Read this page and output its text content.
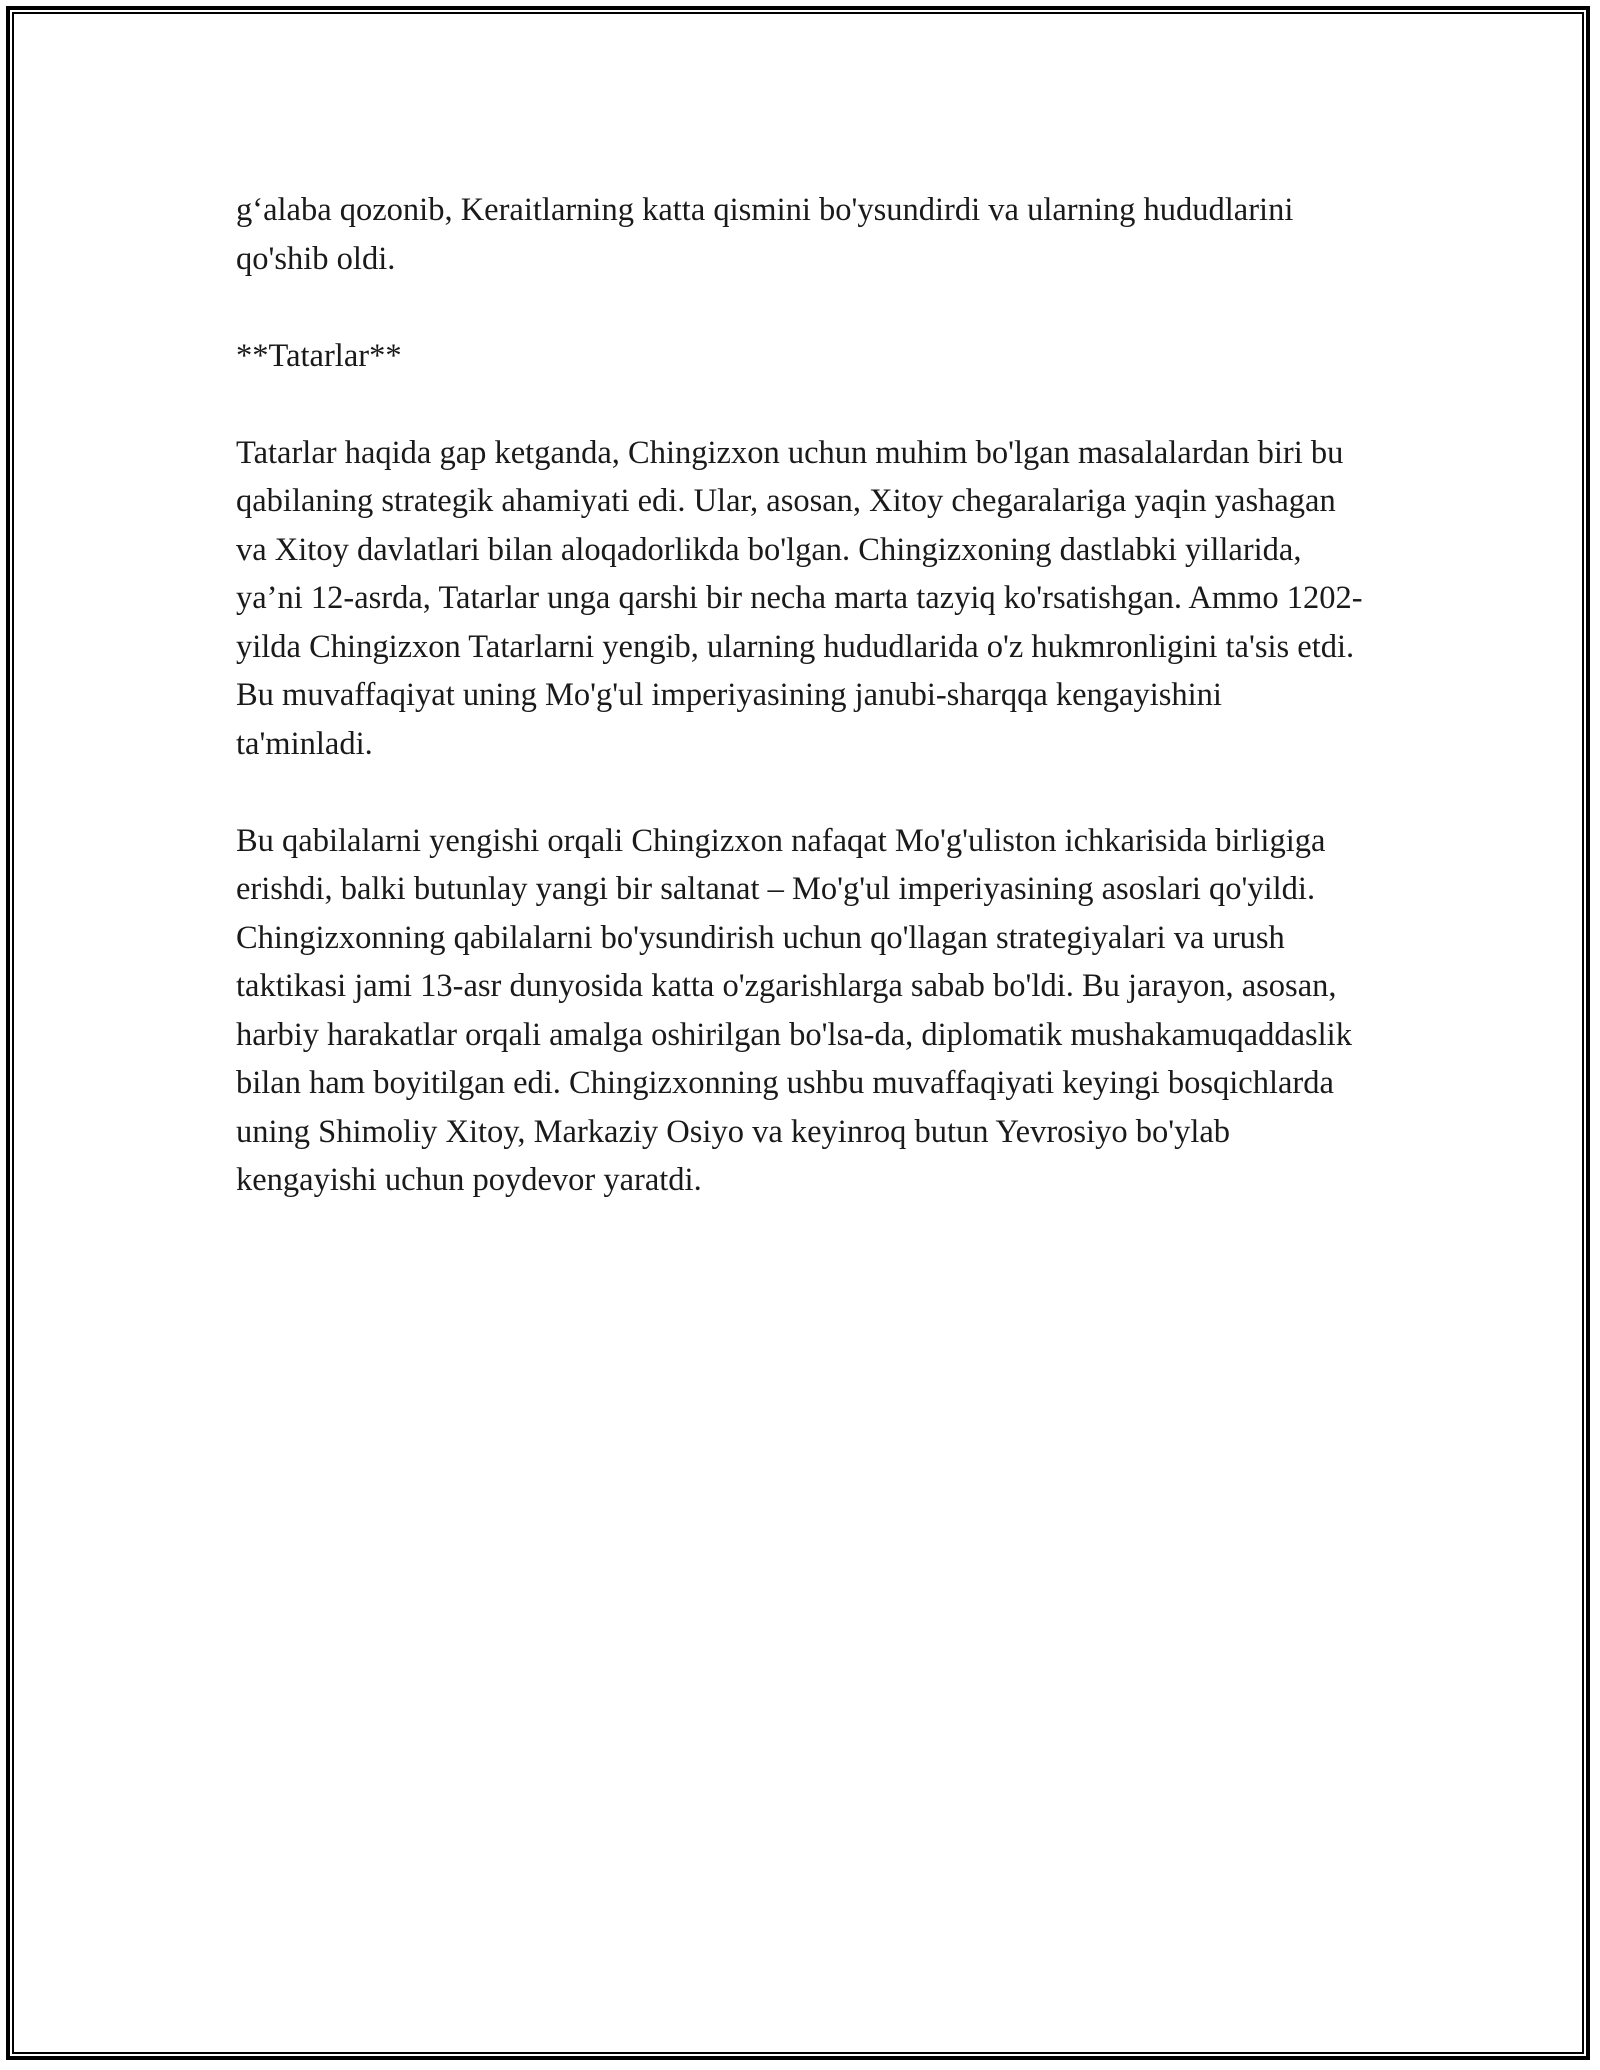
g‘alaba qozonib, Keraitlarning katta qismini bo'ysundirdi va ularning hududlarini qo'shib oldi.

**Tatarlar**

Tatarlar haqida gap ketganda, Chingizxon uchun muhim bo'lgan masalalardan biri bu qabilaning strategik ahamiyati edi. Ular, asosan, Xitoy chegaralariga yaqin yashagan va Xitoy davlatlari bilan aloqadorlikda bo'lgan. Chingizxoning dastlabki yillarida, ya’ni 12-asrda, Tatarlar unga qarshi bir necha marta tazyiq ko'rsatishgan. Ammo 1202-yilda Chingizxon Tatarlarni yengib, ularning hududlarida o'z hukmronligini ta'sis etdi. Bu muvaffaqiyat uning Mo'g'ul imperiyasining janubi-sharqqa kengayishini ta'minladi.

Bu qabilalarni yengishi orqali Chingizxon nafaqat Mo'g'uliston ichkarisida birligiga erishdi, balki butunlay yangi bir saltanat – Mo'g'ul imperiyasining asoslari qo'yildi. Chingizxonning qabilalarni bo'ysundirish uchun qo'llagan strategiyalari va urush taktikasi jami 13-asr dunyosida katta o'zgarishlarga sabab bo'ldi. Bu jarayon, asosan, harbiy harakatlar orqali amalga oshirilgan bo'lsa-da, diplomatik mushakamuqaddaslik bilan ham boyitilgan edi. Chingizxonning ushbu muvaffaqiyati keyingi bosqichlarda uning Shimoliy Xitoy, Markaziy Osiyo va keyinroq butun Yevrosiyo bo'ylab kengayishi uchun poydevor yaratdi.
